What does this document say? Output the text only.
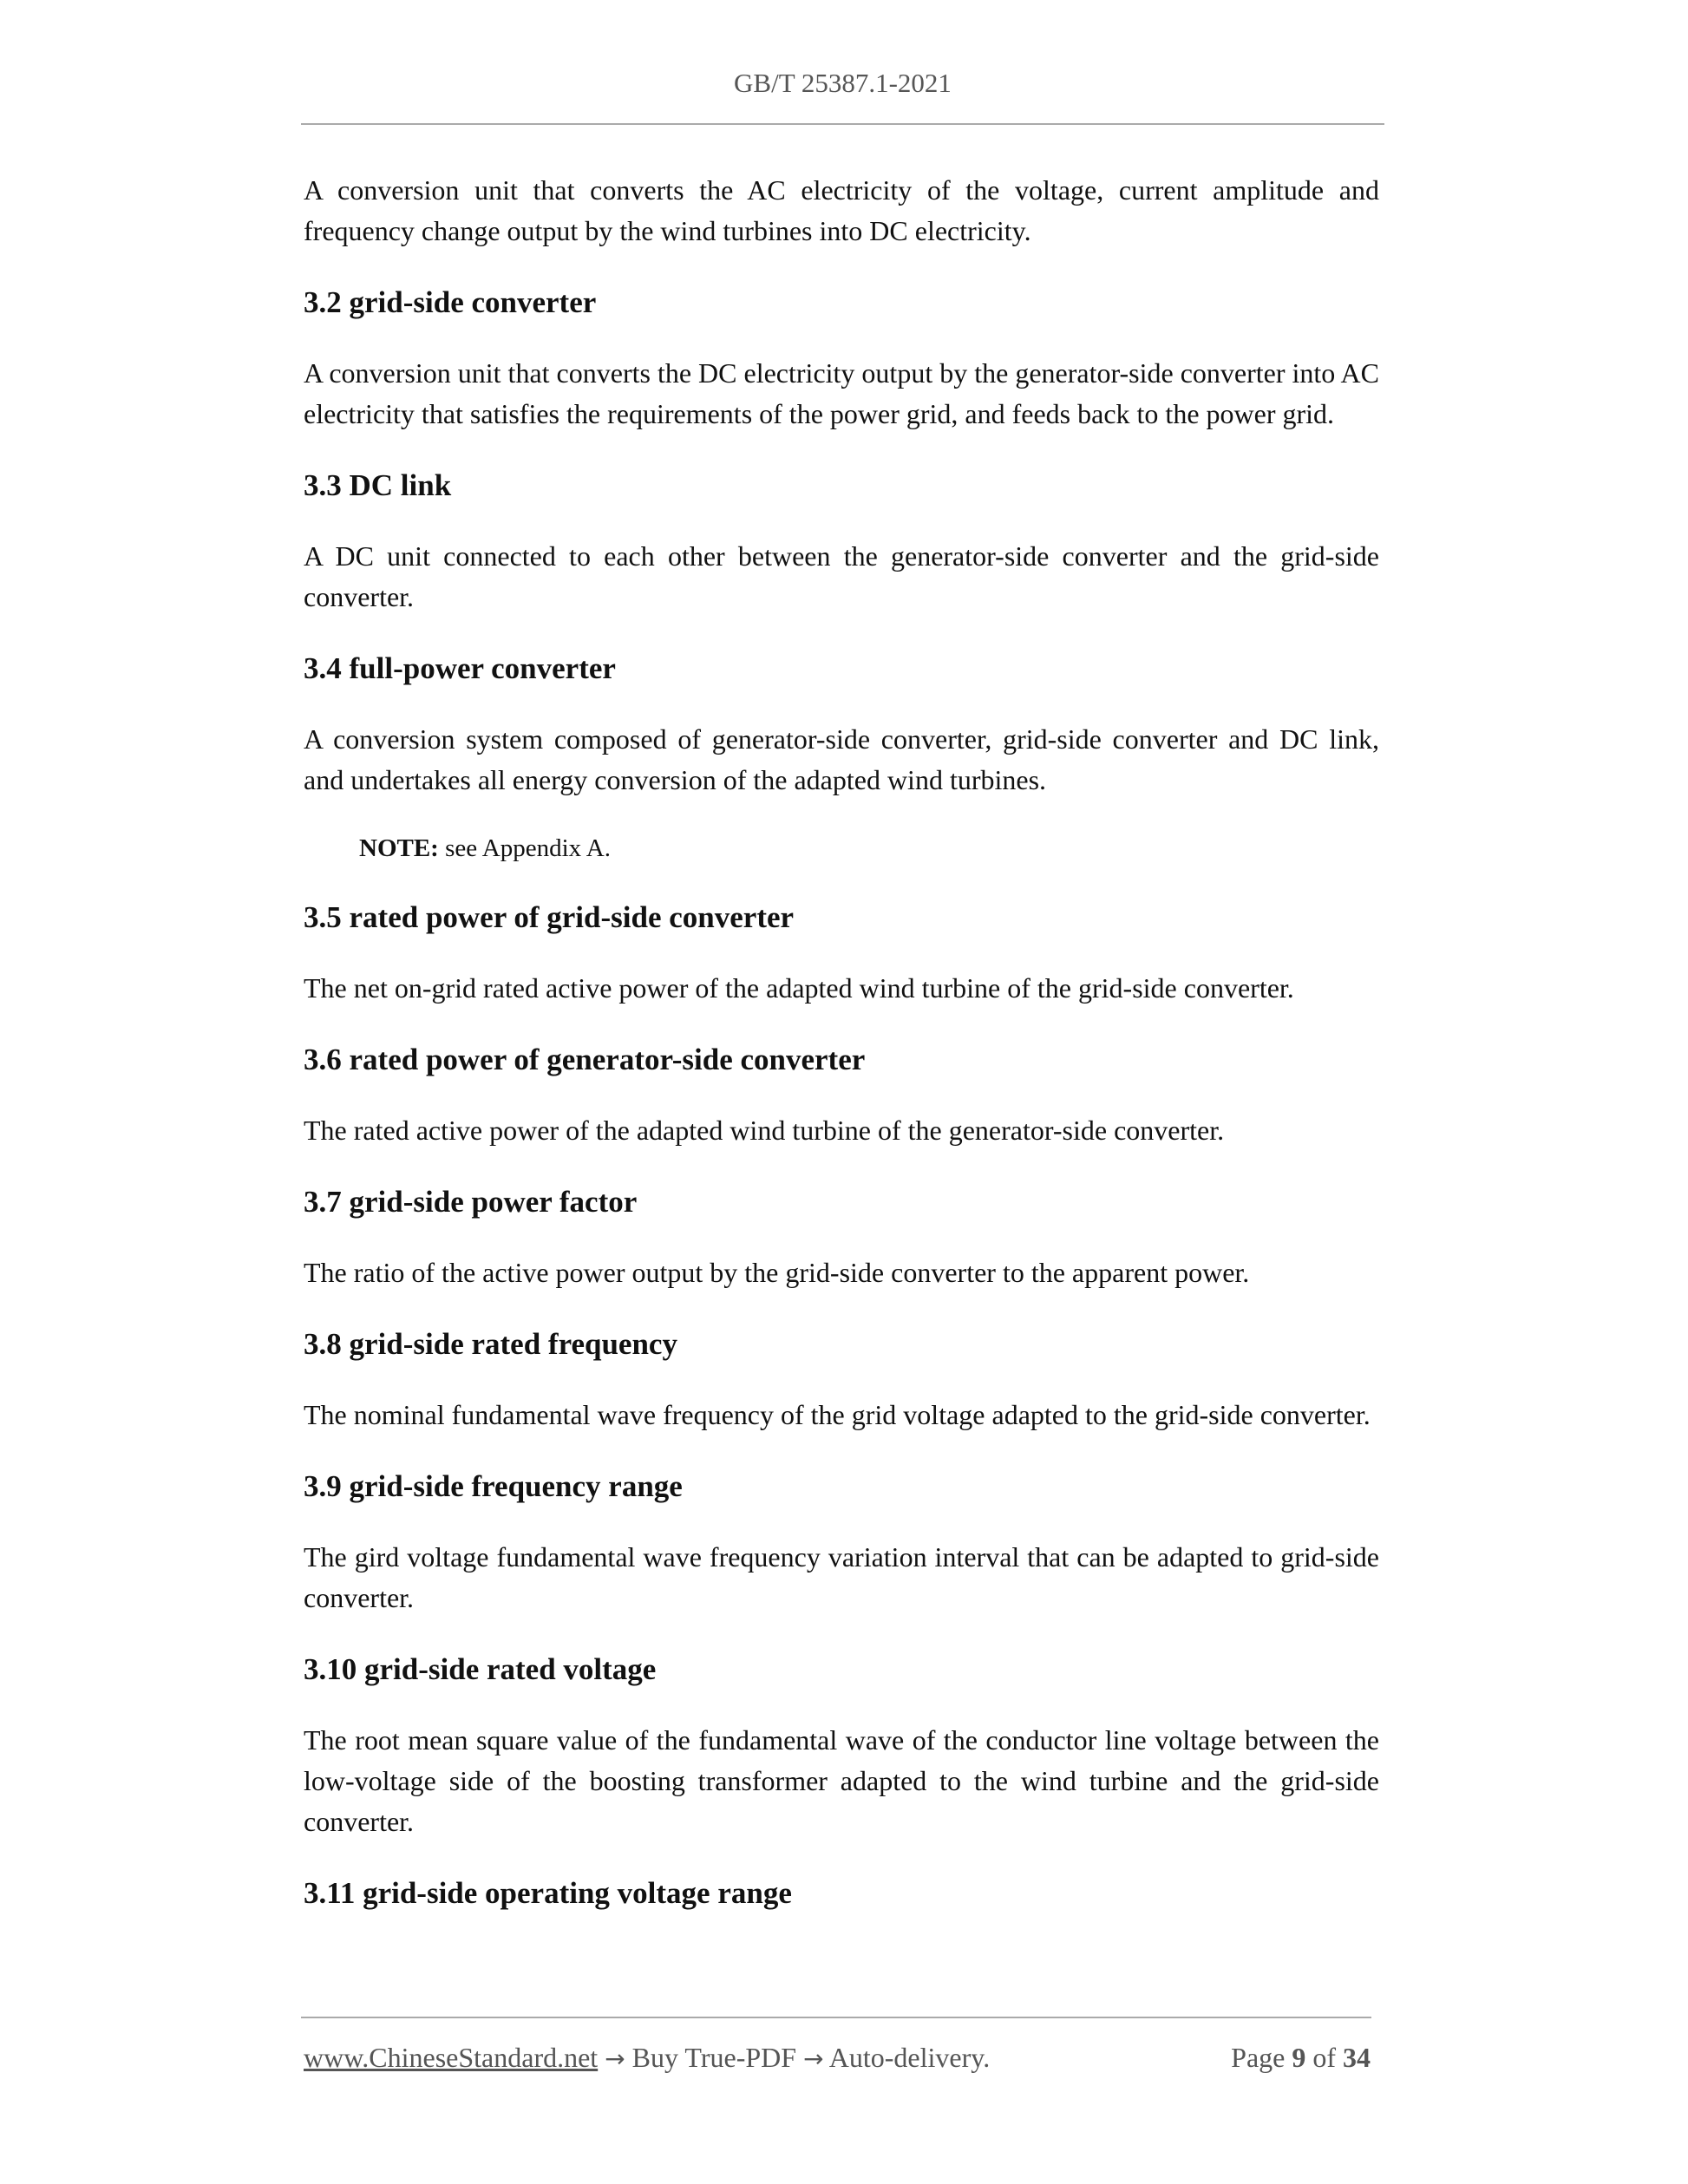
GB/T 25387.1-2021

A conversion unit that converts the AC electricity of the voltage, current amplitude and frequency change output by the wind turbines into DC electricity.

3.2 grid-side converter

A conversion unit that converts the DC electricity output by the generator-side converter into AC electricity that satisfies the requirements of the power grid, and feeds back to the power grid.

3.3 DC link

A DC unit connected to each other between the generator-side converter and the grid-side converter.

3.4 full-power converter

A conversion system composed of generator-side converter, grid-side converter and DC link, and undertakes all energy conversion of the adapted wind turbines.

NOTE: see Appendix A.

3.5 rated power of grid-side converter

The net on-grid rated active power of the adapted wind turbine of the grid-side converter.

3.6 rated power of generator-side converter

The rated active power of the adapted wind turbine of the generator-side converter.

3.7 grid-side power factor

The ratio of the active power output by the grid-side converter to the apparent power.

3.8 grid-side rated frequency

The nominal fundamental wave frequency of the grid voltage adapted to the grid-side converter.

3.9 grid-side frequency range

The gird voltage fundamental wave frequency variation interval that can be adapted to grid-side converter.

3.10 grid-side rated voltage

The root mean square value of the fundamental wave of the conductor line voltage between the low-voltage side of the boosting transformer adapted to the wind turbine and the grid-side converter.

3.11 grid-side operating voltage range
www.ChineseStandard.net → Buy True-PDF → Auto-delivery.	Page 9 of 34
